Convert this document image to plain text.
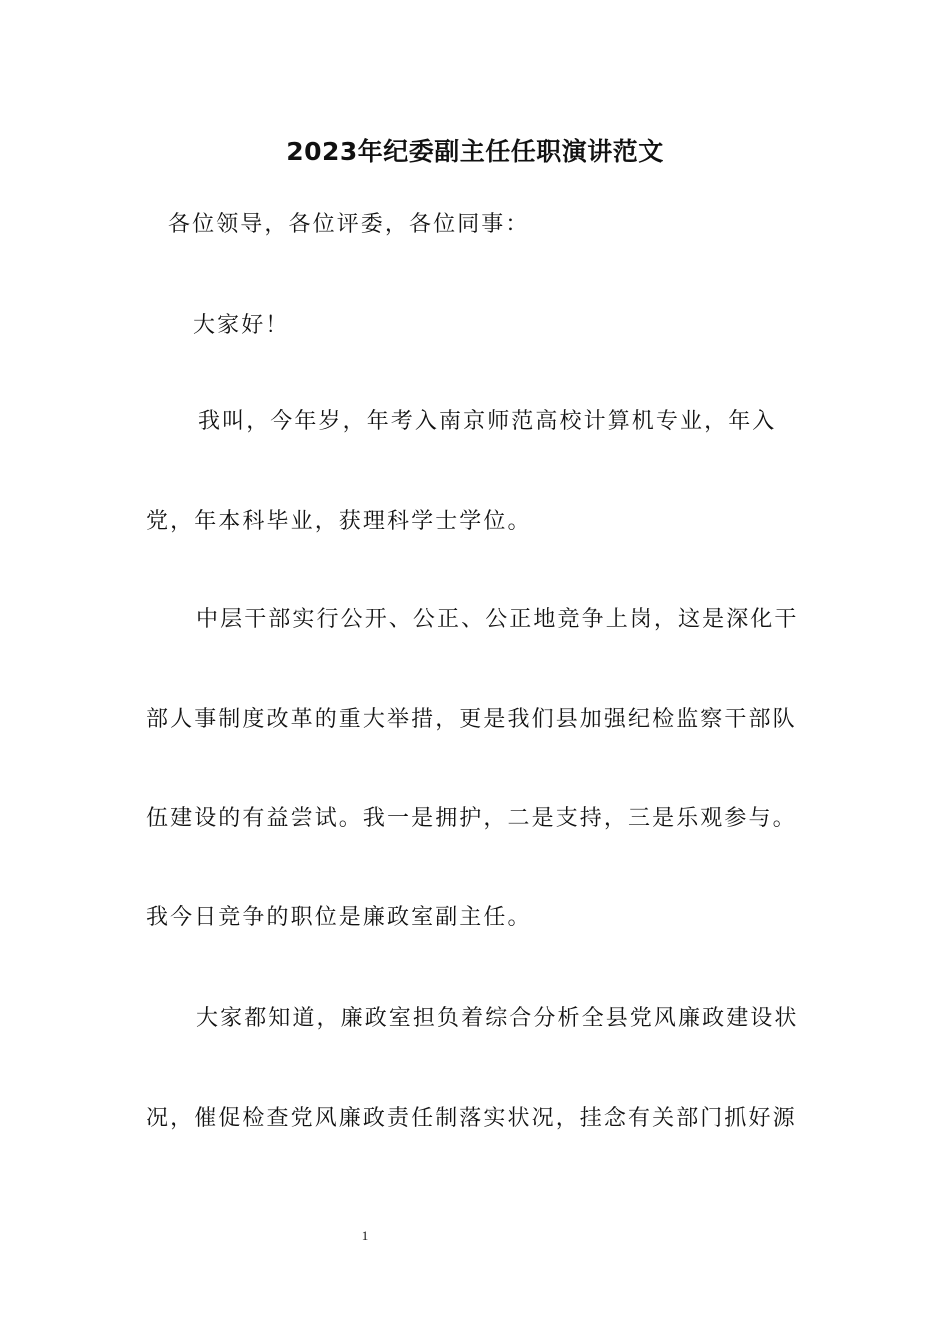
2023年纪委副主任任职演讲范文
各位领导，各位评委，各位同事：
大家好！
我叫，今年岁，年考入南京师范高校计算机专业，年入
党，年本科毕业，获理科学士学位。
中层干部实行公开、公正、公正地竞争上岗，这是深化干
部人事制度改革的重大举措，更是我们县加强纪检监察干部队
伍建设的有益尝试。我一是拥护，二是支持，三是乐观参与。
我今日竞争的职位是廉政室副主任。
大家都知道，廉政室担负着综合分析全县党风廉政建设状
况，催促检查党风廉政责任制落实状况，挂念有关部门抓好源
1
